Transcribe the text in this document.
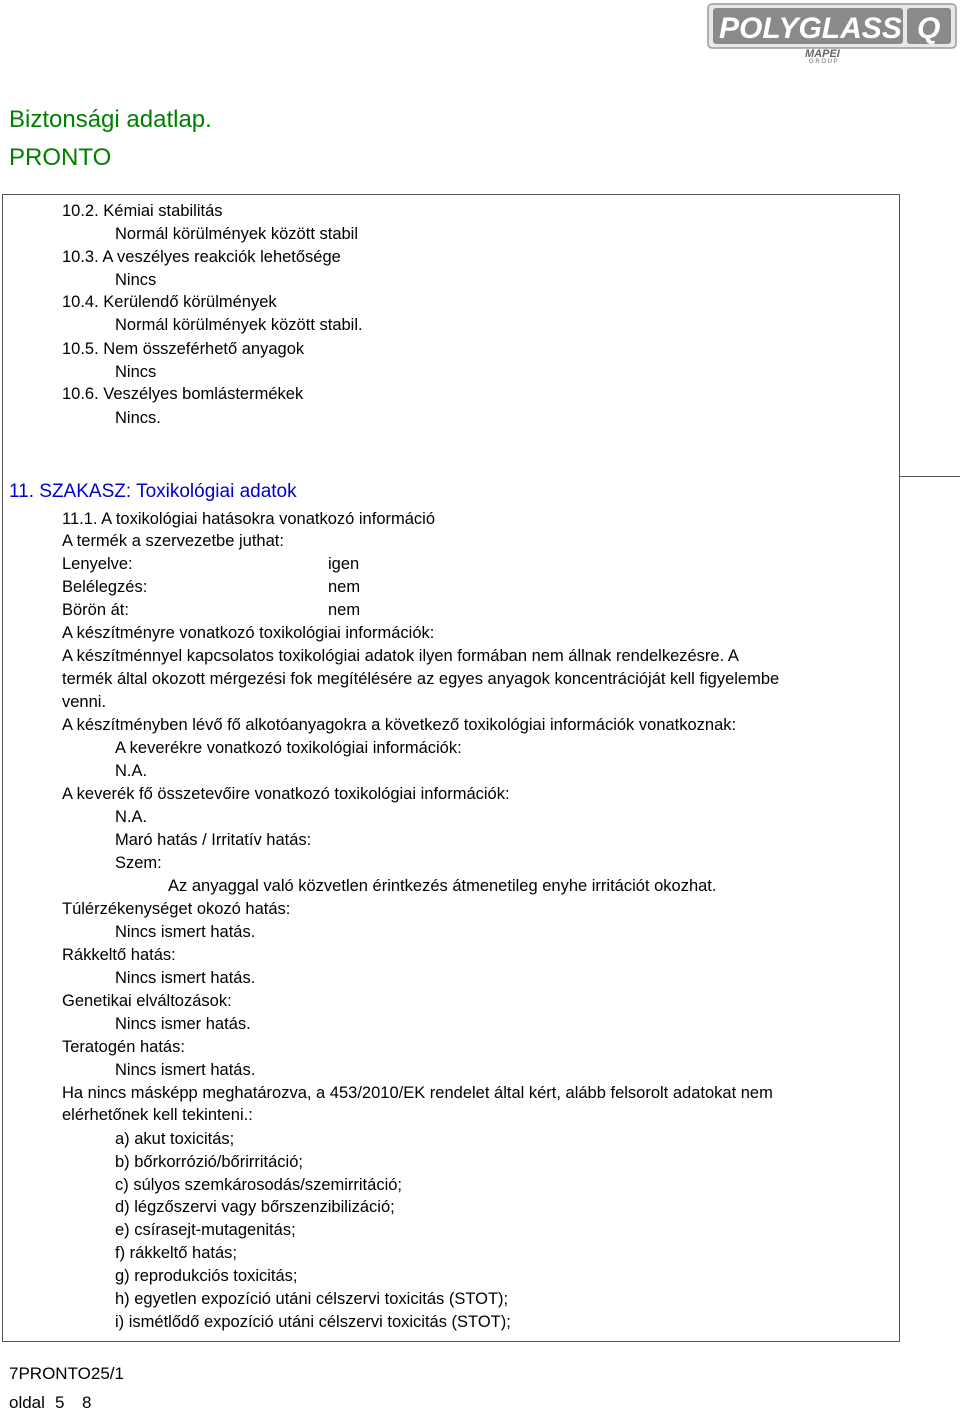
POLYGLASS Q
MAPEI
G R O U P
Biztonsági adatlap.
PRONTO
10.2. Kémiai stabilitás
Normál körülmények között stabil
10.3. A veszélyes reakciók lehetősége
Nincs
10.4. Kerülendő körülmények
Normál körülmények között stabil.
10.5. Nem összeférhető anyagok
Nincs
10.6. Veszélyes bomlástermékek
Nincs.
11. SZAKASZ: Toxikológiai adatok
11.1. A toxikológiai hatásokra vonatkozó információ
A termék a szervezetbe juthat:
Lenyelve:	igen
Belélegzés:	nem
Börön át:	nem
A készítményre vonatkozó toxikológiai információk:
A készítménnyel kapcsolatos toxikológiai adatok ilyen formában nem állnak rendelkezésre. A
termék által okozott mérgezési fok megítélésére az egyes anyagok koncentrációját kell figyelembe
venni.
A készítményben lévő fő alkotóanyagokra a következő toxikológiai információk vonatkoznak:
A keverékre vonatkozó toxikológiai információk:
N.A.
A keverék fő összetevőire vonatkozó toxikológiai információk:
N.A.
Maró hatás / Irritatív hatás:
Szem:
Az anyaggal való közvetlen érintkezés átmenetileg enyhe irritációt okozhat.
Túlérzékenységet okozó hatás:
Nincs ismert hatás.
Rákkeltő hatás:
Nincs ismert hatás.
Genetikai elváltozások:
Nincs ismer hatás.
Teratogén hatás:
Nincs ismert hatás.
Ha nincs másképp meghatározva, a 453/2010/EK rendelet által kért, alább felsorolt adatokat nem
elérhetőnek kell tekinteni.:
a) akut toxicitás;
b) bőrkorrózió/bőrirritáció;
c) súlyos szemkárosodás/szemirritáció;
d) légzőszervi vagy bőrszenzibilizáció;
e) csírasejt-mutagenitás;
f) rákkeltő hatás;
g) reprodukciós toxicitás;
h) egyetlen expozíció utáni célszervi toxicitás (STOT);
i) ismétlődő expozíció utáni célszervi toxicitás (STOT);
7PRONTO25/1
oldal 5 8
